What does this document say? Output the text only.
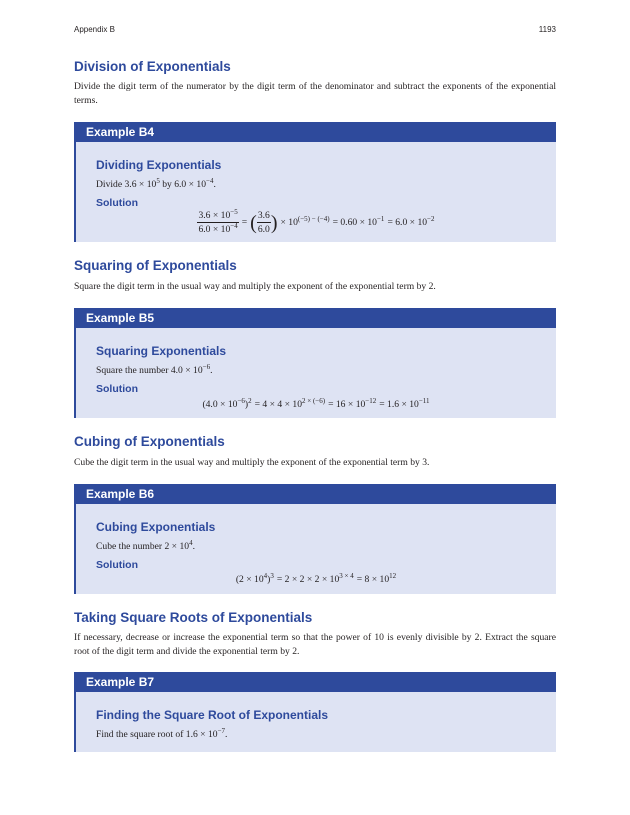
Appendix B	1193
Division of Exponentials

Divide the digit term of the numerator by the digit term of the denominator and subtract the exponents of the exponential terms.

Example B4
Dividing Exponentials
Divide $3.6 \times 10^5$ by $6.0 \times 10^{-4}$.
Solution
$\frac{3.6 \times 10^{-5}}{6.0 \times 10^{-4}}$ = ( $\frac{3.6}{6.0}$ ) × $10^{(-5) - (-4)} = 0.60 \times 10^{-1} = 6.0 \times 10^{-2}$
Squaring of Exponentials

Square the digit term in the usual way and multiply the exponent of the exponential term by 2.

Example B5
Squaring Exponentials
Square the number $4.0 \times 10^{-6}$.
Solution
$(4.0 \times 10^{-6})^2 = 4 \times 4 \times 10^{2 \times (-6)} = 16 \times 10^{-12} = 1.6 \times 10^{-11}$
Cubing of Exponentials

Cube the digit term in the usual way and multiply the exponent of the exponential term by 3.

Example B6
Cubing Exponentials
Cube the number $2 \times 10^4$.
Solution
$(2 \times 10^4)^3 = 2 \times 2 \times 2 \times 10^{3 \times 4} = 8 \times 10^{12}$
Taking Square Roots of Exponentials

If necessary, decrease or increase the exponential term so that the power of 10 is evenly divisible by 2. Extract the square root of the digit term and divide the exponential term by 2.

Example B7
Finding the Square Root of Exponentials
Find the square root of $1.6 \times 10^{-7}$.
